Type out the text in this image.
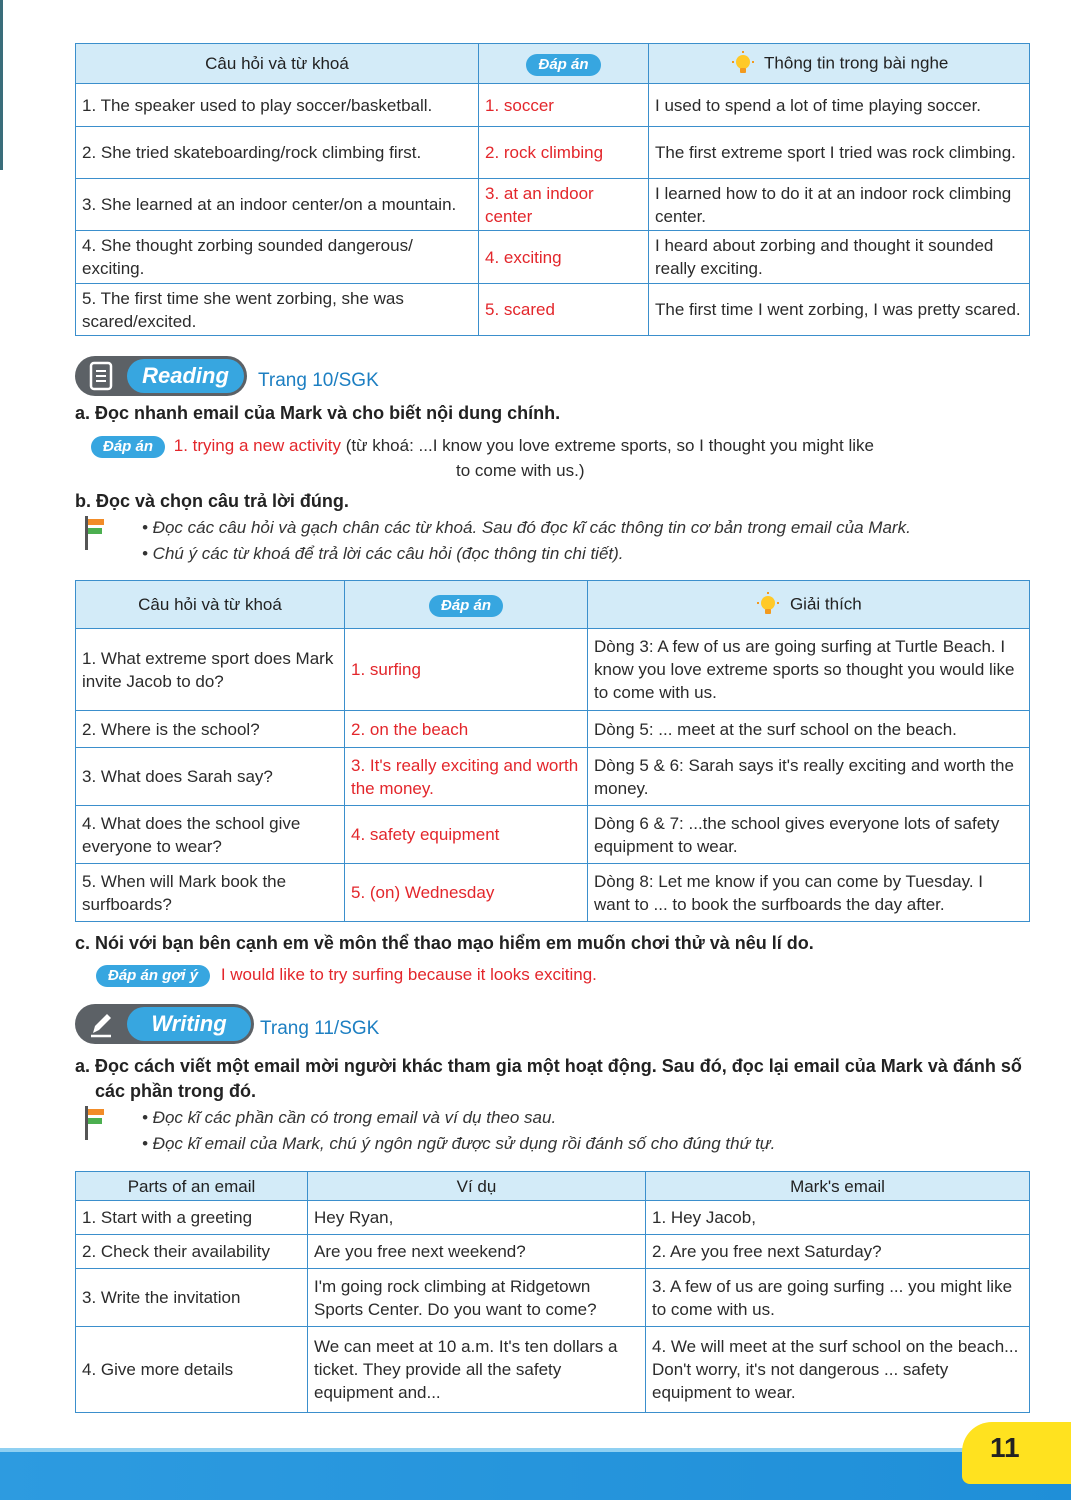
Câu hỏi và từ khoá	Đáp án	Thông tin trong bài nghe
1. The speaker used to play soccer/basketball.	1. soccer	I used to spend a lot of time playing soccer.
2. She tried skateboarding/rock climbing first.	2. rock climbing	The first extreme sport I tried was rock climbing.
3. She learned at an indoor center/on a mountain.	3. at an indoor center	I learned how to do it at an indoor rock climbing center.
4. She thought zorbing sounded dangerous/ exciting.	4. exciting	I heard about zorbing and thought it sounded really exciting.
5. The first time she went zorbing, she was scared/excited.	5. scared	The first time I went zorbing, I was pretty scared.
Reading	Trang 10/SGK
a. Đọc nhanh email của Mark và cho biết nội dung chính.
Đáp án 1. trying a new activity (từ khoá: ...I know you love extreme sports, so I thought you might like
to come with us.)
b. Đọc và chọn câu trả lời đúng.
• Đọc các câu hỏi và gạch chân các từ khoá. Sau đó đọc kĩ các thông tin cơ bản trong email của Mark.
• Chú ý các từ khoá để trả lời các câu hỏi (đọc thông tin chi tiết).
Câu hỏi và từ khoá	Đáp án	Giải thích
1. What extreme sport does Mark invite Jacob to do?	1. surfing	Dòng 3: A few of us are going surfing at Turtle Beach. I know you love extreme sports so thought you would like to come with us.
2. Where is the school?	2. on the beach	Dòng 5: ... meet at the surf school on the beach.
3. What does Sarah say?	3. It's really exciting and worth the money.	Dòng 5 & 6: Sarah says it's really exciting and worth the money.
4. What does the school give everyone to wear?	4. safety equipment	Dòng 6 & 7: ...the school gives everyone lots of safety equipment to wear.
5. When will Mark book the surfboards?	5. (on) Wednesday	Dòng 8: Let me know if you can come by Tuesday. I want to ... to book the surfboards the day after.
c. Nói với bạn bên cạnh em về môn thể thao mạo hiểm em muốn chơi thử và nêu lí do.
Đáp án gợi ý I would like to try surfing because it looks exciting.
Writing	Trang 11/SGK
a. Đọc cách viết một email mời người khác tham gia một hoạt động. Sau đó, đọc lại email của Mark và đánh số
các phần trong đó.
• Đọc kĩ các phần cần có trong email và ví dụ theo sau.
• Đọc kĩ email của Mark, chú ý ngôn ngữ được sử dụng rồi đánh số cho đúng thứ tự.
Parts of an email	Ví dụ	Mark's email
1. Start with a greeting	Hey Ryan,	1. Hey Jacob,
2. Check their availability	Are you free next weekend?	2. Are you free next Saturday?
3. Write the invitation	I'm going rock climbing at Ridgetown Sports Center. Do you want to come?	3. A few of us are going surfing ... you might like to come with us.
4. Give more details	We can meet at 10 a.m. It's ten dollars a ticket. They provide all the safety equipment and...	4. We will meet at the surf school on the beach... Don't worry, it's not dangerous ... safety equipment to wear.
11
